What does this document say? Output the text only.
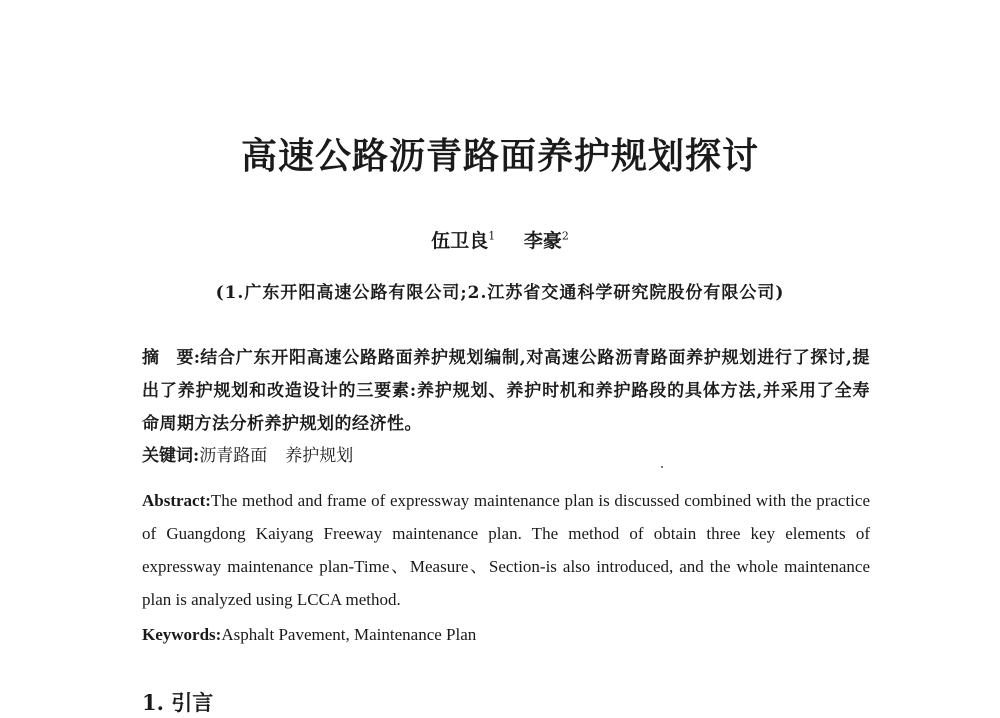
高速公路沥青路面养护规划探讨
伍卫良$^1$ 李豪$^2$
(1.广东开阳高速公路有限公司;2.江苏省交通科学研究院股份有限公司)
摘　要:结合广东开阳高速公路路面养护规划编制,对高速公路沥青路面养护规划进行了探讨,提出了养护规划和改造设计的三要素:养护规划、养护时机和养护路段的具体方法,并采用了全寿命周期方法分析养护规划的经济性。
关键词:沥青路面 养护规划
Abstract:The method and frame of expressway maintenance plan is discussed combined with the practice of Guangdong Kaiyang Freeway maintenance plan. The method of obtain three key elements of expressway maintenance plan-Time、Measure、Section-is also introduced, and the whole maintenance plan is analyzed using LCCA method.
Keywords:Asphalt Pavement, Maintenance Plan
1. 引言
